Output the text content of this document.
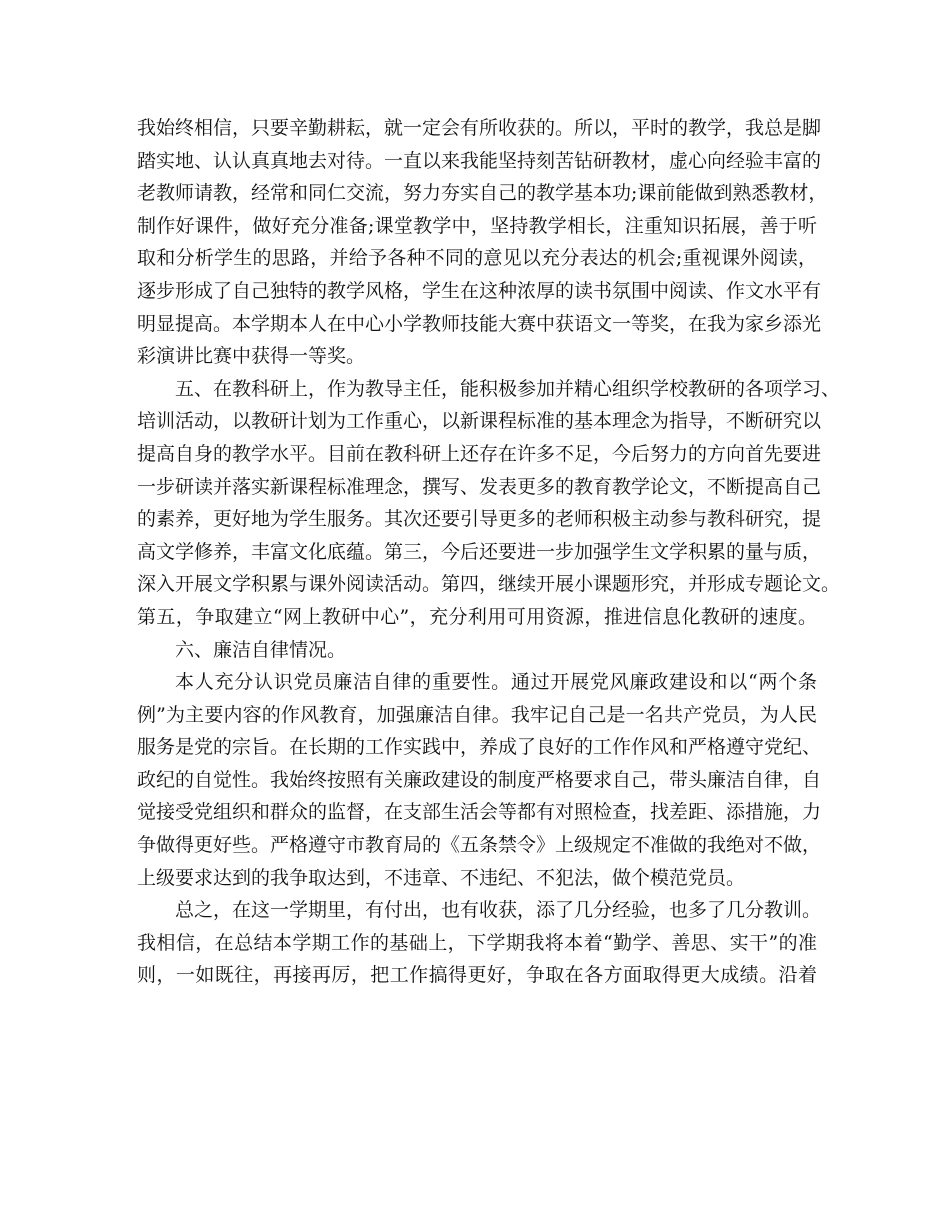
我始终相信，只要辛勤耕耘，就一定会有所收获的。所以，平时的教学，我总是脚
踏实地、认认真真地去对待。一直以来我能坚持刻苦钻研教材，虚心向经验丰富的
老教师请教，经常和同仁交流，努力夯实自己的教学基本功;课前能做到熟悉教材，
制作好课件，做好充分准备;课堂教学中，坚持教学相长，注重知识拓展，善于听
取和分析学生的思路，并给予各种不同的意见以充分表达的机会;重视课外阅读，
逐步形成了自己独特的教学风格，学生在这种浓厚的读书氛围中阅读、作文水平有
明显提高。本学期本人在中心小学教师技能大赛中获语文一等奖，在我为家乡添光
彩演讲比赛中获得一等奖。
五、在教科研上，作为教导主任，能积极参加并精心组织学校教研的各项学习、
培训活动，以教研计划为工作重心，以新课程标准的基本理念为指导，不断研究以
提高自身的教学水平。目前在教科研上还存在许多不足，今后努力的方向首先要进
一步研读并落实新课程标准理念，撰写、发表更多的教育教学论文，不断提高自己
的素养，更好地为学生服务。其次还要引导更多的老师积极主动参与教科研究，提
高文学修养，丰富文化底蕴。第三，今后还要进一步加强学生文学积累的量与质，
深入开展文学积累与课外阅读活动。第四，继续开展小课题形究，并形成专题论文。
第五，争取建立“网上教研中心”，充分利用可用资源，推进信息化教研的速度。
六、廉洁自律情况。
本人充分认识党员廉洁自律的重要性。通过开展党风廉政建设和以“两个条
例”为主要内容的作风教育，加强廉洁自律。我牢记自己是一名共产党员，为人民
服务是党的宗旨。在长期的工作实践中，养成了良好的工作作风和严格遵守党纪、
政纪的自觉性。我始终按照有关廉政建设的制度严格要求自己，带头廉洁自律，自
觉接受党组织和群众的监督，在支部生活会等都有对照检查，找差距、添措施，力
争做得更好些。严格遵守市教育局的《五条禁令》上级规定不准做的我绝对不做，
上级要求达到的我争取达到，不违章、不违纪、不犯法，做个模范党员。
总之，在这一学期里，有付出，也有收获，添了几分经验，也多了几分教训。
我相信，在总结本学期工作的基础上，下学期我将本着“勤学、善思、实干”的准
则，一如既往，再接再厉，把工作搞得更好，争取在各方面取得更大成绩。沿着
